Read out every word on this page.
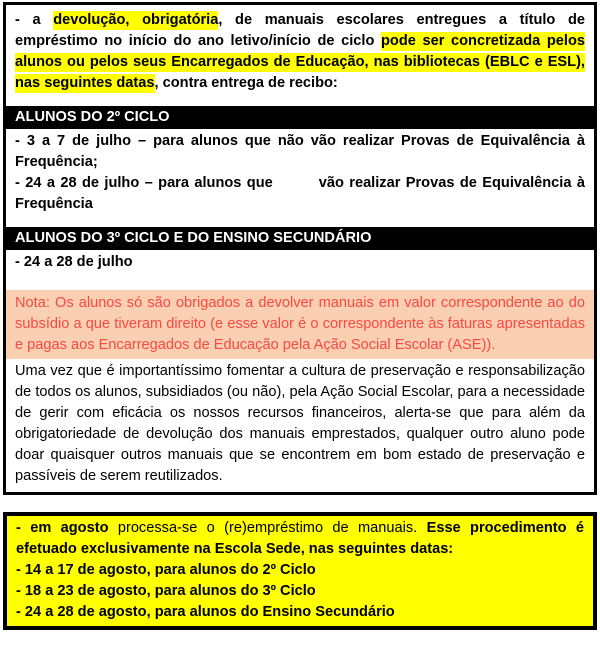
- a devolução, obrigatória, de manuais escolares entregues a título de empréstimo no início do ano letivo/início de ciclo pode ser concretizada pelos alunos ou pelos seus Encarregados de Educação, nas bibliotecas (EBLC e ESL), nas seguintes datas, contra entrega de recibo:

ALUNOS DO 2º CICLO

- 3 a 7 de julho – para alunos que não vão realizar Provas de Equivalência à Frequência;

- 24 a 28 de julho – para alunos que	vão realizar Provas de Equivalência à Frequência

ALUNOS DO 3º CICLO E DO ENSINO SECUNDÁRIO

- 24 a 28 de julho

Nota: Os alunos só são obrigados a devolver manuais em valor correspondente ao do subsídio a que tiveram direito (e esse valor é o correspondente às faturas apresentadas e pagas aos Encarregados de Educação pela Ação Social Escolar (ASE)).

Uma vez que é importantíssimo fomentar a cultura de preservação e responsabilização de todos os alunos, subsidiados (ou não), pela Ação Social Escolar, para a necessidade de gerir com eficácia os nossos recursos financeiros, alerta-se que para além da obrigatoriedade de devolução dos manuais emprestados, qualquer outro aluno pode doar quaisquer outros manuais que se encontrem em bom estado de preservação e passíveis de serem reutilizados.

- em agosto processa-se o (re)empréstimo de manuais. Esse procedimento é efetuado exclusivamente na Escola Sede, nas seguintes datas:

- 14 a 17 de agosto, para alunos do 2º Ciclo

- 18 a 23 de agosto, para alunos do 3º Ciclo

- 24 a 28 de agosto, para alunos do Ensino Secundário
